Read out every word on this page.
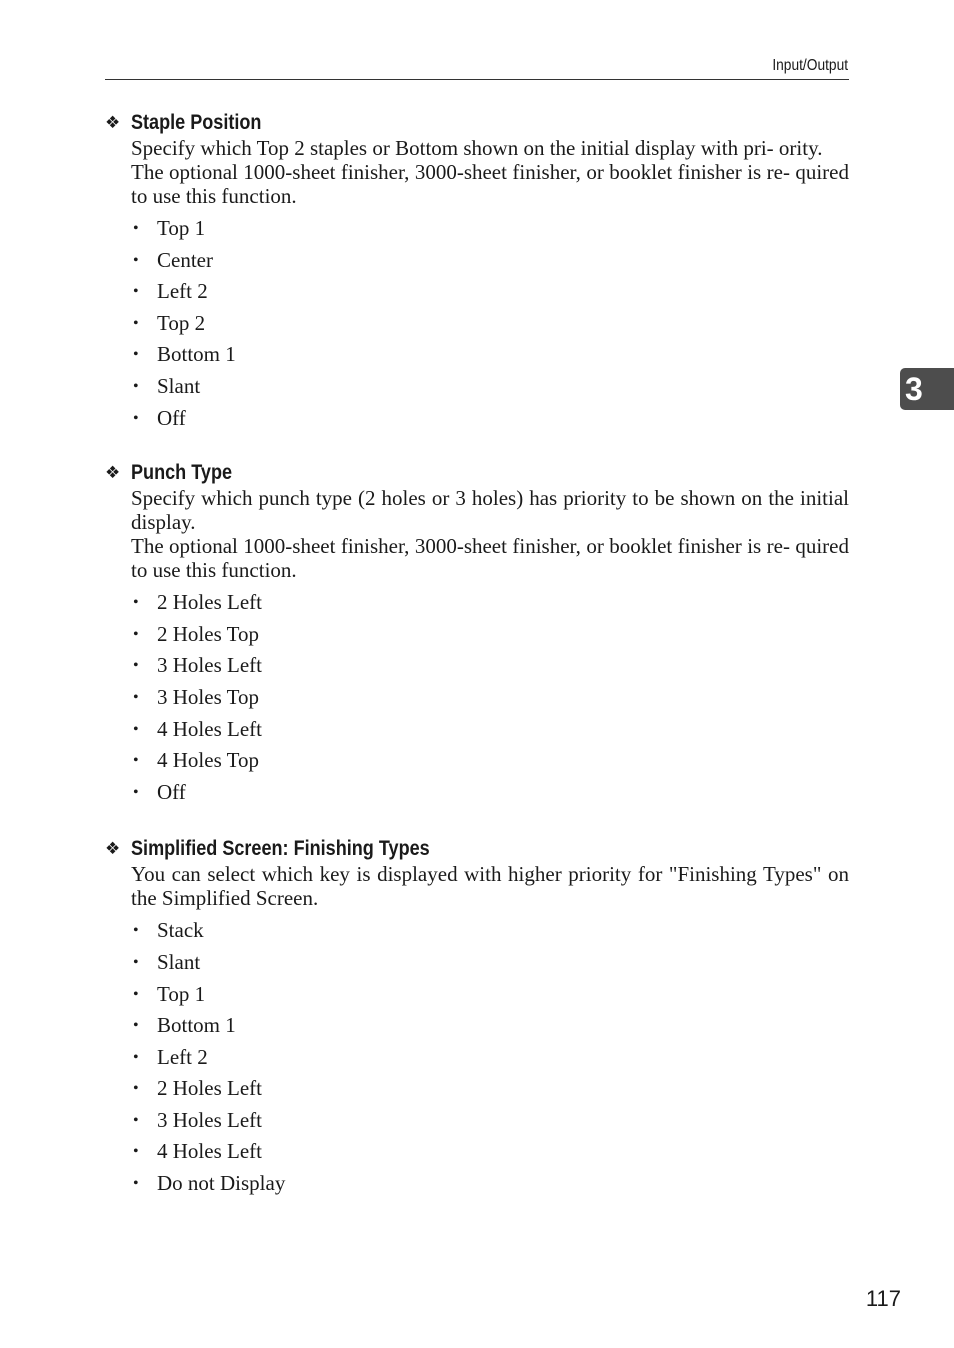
Input/Output
3
❖ Staple Position

Specify which Top 2 staples or Bottom shown on the initial display with pri- ority.

The optional 1000-sheet finisher, 3000-sheet finisher, or booklet finisher is re- quired to use this function.

• Top 1
• Center
• Left 2
• Top 2
• Bottom 1
• Slant
• Off
❖ Punch Type

Specify which punch type (2 holes or 3 holes) has priority to be shown on the initial display.

The optional 1000-sheet finisher, 3000-sheet finisher, or booklet finisher is re- quired to use this function.

• 2 Holes Left
• 2 Holes Top
• 3 Holes Left
• 3 Holes Top
• 4 Holes Left
• 4 Holes Top
• Off
❖ Simplified Screen: Finishing Types

You can select which key is displayed with higher priority for "Finishing Types" on the Simplified Screen.

• Stack
• Slant
• Top 1
• Bottom 1
• Left 2
• 2 Holes Left
• 3 Holes Left
• 4 Holes Left
• Do not Display
117
